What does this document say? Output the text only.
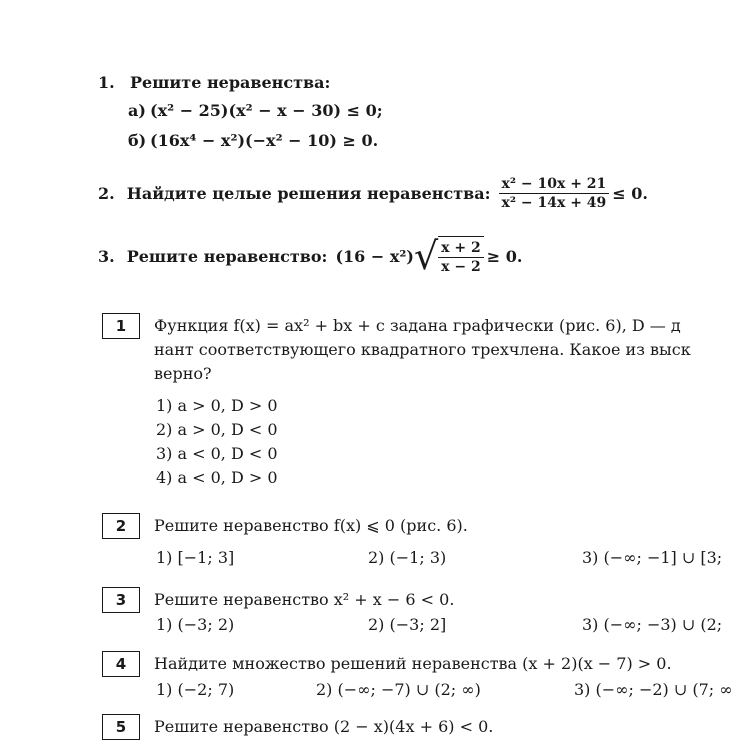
1. Решите неравенства:
а) (x² − 25)(x² − x − 30) ≤ 0;
б) (16x⁴ − x²)(−x² − 10) ≥ 0.
2. Найдите целые решения неравенства: $\frac{\text{x² − 10x + 21}}{\text{x² − 14x + 49}} \le 0$.
3. Решите неравенство: (16 − x²) √ $\frac{x + 2}{x - 2} \ge 0$.
1	Функция f(x) = ax² + bx + c задана графически (рис. 6), D — д
нант соответствующего квадратного трехчлена. Какое из выск
верно?
1) a > 0, D > 0
2) a > 0, D < 0
3) a < 0, D < 0
4) a < 0, D > 0
2	Решите неравенство f(x) ⩽ 0 (рис. 6).
1) [−1; 3]	2) (−1; 3)	3) (−∞; −1] ∪ [3;
3	Решите неравенство x² + x − 6 < 0.
1) (−3; 2)	2) (−3; 2]	3) (−∞; −3) ∪ (2;
4	Найдите множество решений неравенства (x + 2)(x − 7) > 0.
1) (−2; 7)	2) (−∞; −7) ∪ (2; ∞)	3) (−∞; −2) ∪ (7; ∞
5	Решите неравенство (2 − x)(4x + 6) < 0.
